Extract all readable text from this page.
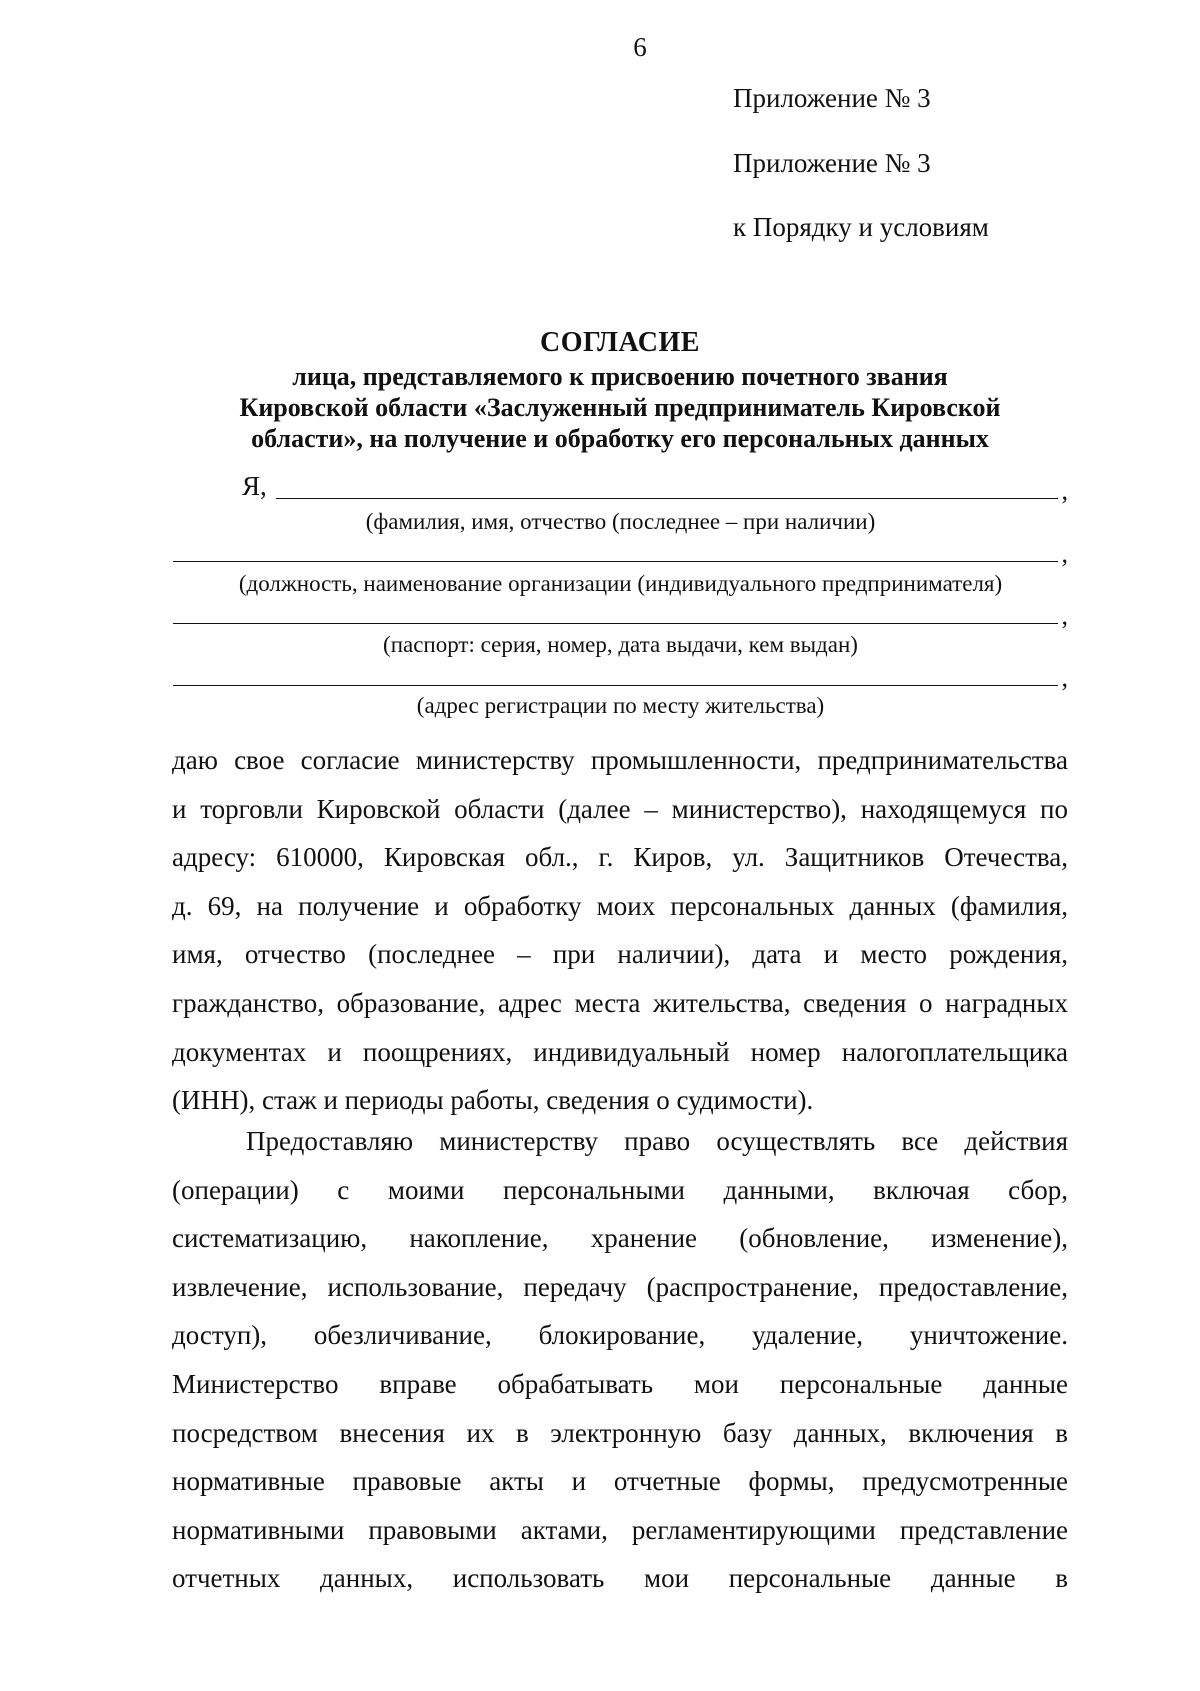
6
Приложение № 3
Приложение № 3
к Порядку и условиям
СОГЛАСИЕ
лица, представляемого к присвоению почетного звания
Кировской области «Заслуженный предприниматель Кировской
области», на получение и обработку его персональных данных
Я,	,
(фамилия, имя, отчество (последнее – при наличии)
,
(должность, наименование организации (индивидуального предпринимателя)
,
(паспорт: серия, номер, дата выдачи, кем выдан)
,
(адрес регистрации по месту жительства)

даю свое согласие министерству промышленности, предпринимательства

и торговли Кировской области (далее – министерство), находящемуся по

адресу: 610000, Кировская обл., г. Киров, ул. Защитников Отечества,

д. 69, на получение и обработку моих персональных данных (фамилия,

имя, отчество (последнее – при наличии), дата и место рождения,

гражданство, образование, адрес места жительства, сведения о наградных

документах и поощрениях, индивидуальный номер налогоплательщика

(ИНН), стаж и периоды работы, сведения о судимости).

Предоставляю министерству право осуществлять все действия

(операции) с моими персональными данными, включая сбор,

систематизацию, накопление, хранение (обновление, изменение),

извлечение, использование, передачу (распространение, предоставление,

доступ), обезличивание, блокирование, удаление, уничтожение.

Министерство вправе обрабатывать мои персональные данные

посредством внесения их в электронную базу данных, включения в

нормативные правовые акты и отчетные формы, предусмотренные

нормативными правовыми актами, регламентирующими представление

отчетных данных, использовать мои персональные данные в
